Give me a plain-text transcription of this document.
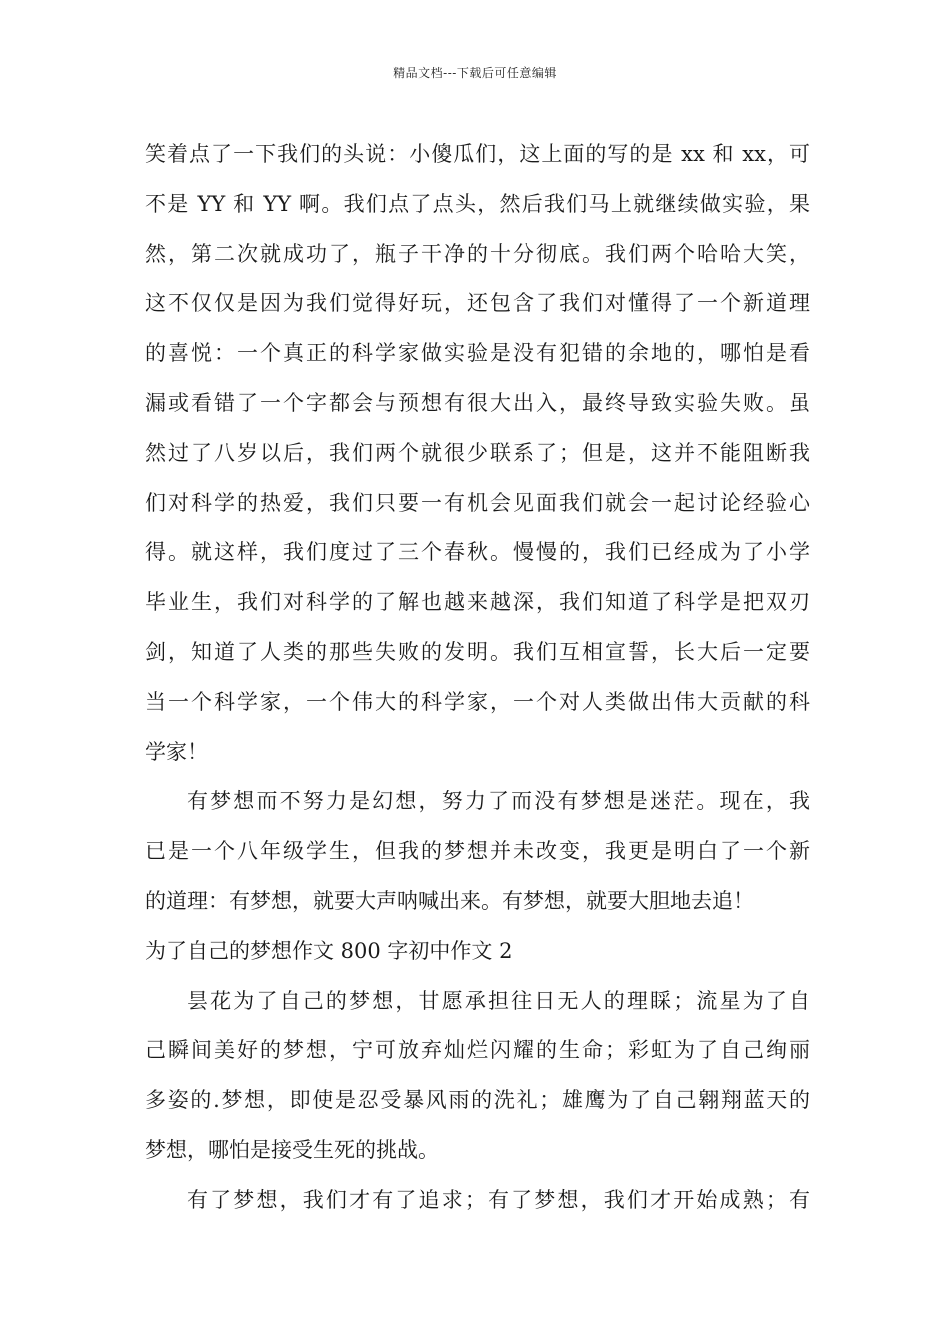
精品文档---下载后可任意编辑
笑着点了一下我们的头说：小傻瓜们，这上面的写的是 xx 和 xx，可
不是 YY 和 YY 啊。我们点了点头，然后我们马上就继续做实验，果
然，第二次就成功了，瓶子干净的十分彻底。我们两个哈哈大笑，
这不仅仅是因为我们觉得好玩，还包含了我们对懂得了一个新道理
的喜悦：一个真正的科学家做实验是没有犯错的余地的，哪怕是看
漏或看错了一个字都会与预想有很大出入，最终导致实验失败。虽
然过了八岁以后，我们两个就很少联系了；但是，这并不能阻断我
们对科学的热爱，我们只要一有机会见面我们就会一起讨论经验心
得。就这样，我们度过了三个春秋。慢慢的，我们已经成为了小学
毕业生，我们对科学的了解也越来越深，我们知道了科学是把双刃
剑，知道了人类的那些失败的发明。我们互相宣誓，长大后一定要
当一个科学家，一个伟大的科学家，一个对人类做出伟大贡献的科
学家！
有梦想而不努力是幻想，努力了而没有梦想是迷茫。现在，我
已是一个八年级学生，但我的梦想并未改变，我更是明白了一个新
的道理：有梦想，就要大声呐喊出来。有梦想，就要大胆地去追！
为了自己的梦想作文 800 字初中作文 2
昙花为了自己的梦想，甘愿承担往日无人的理睬；流星为了自
己瞬间美好的梦想，宁可放弃灿烂闪耀的生命；彩虹为了自己绚丽
多姿的.梦想，即使是忍受暴风雨的洗礼；雄鹰为了自己翱翔蓝天的
梦想，哪怕是接受生死的挑战。
有了梦想，我们才有了追求；有了梦想，我们才开始成熟；有
